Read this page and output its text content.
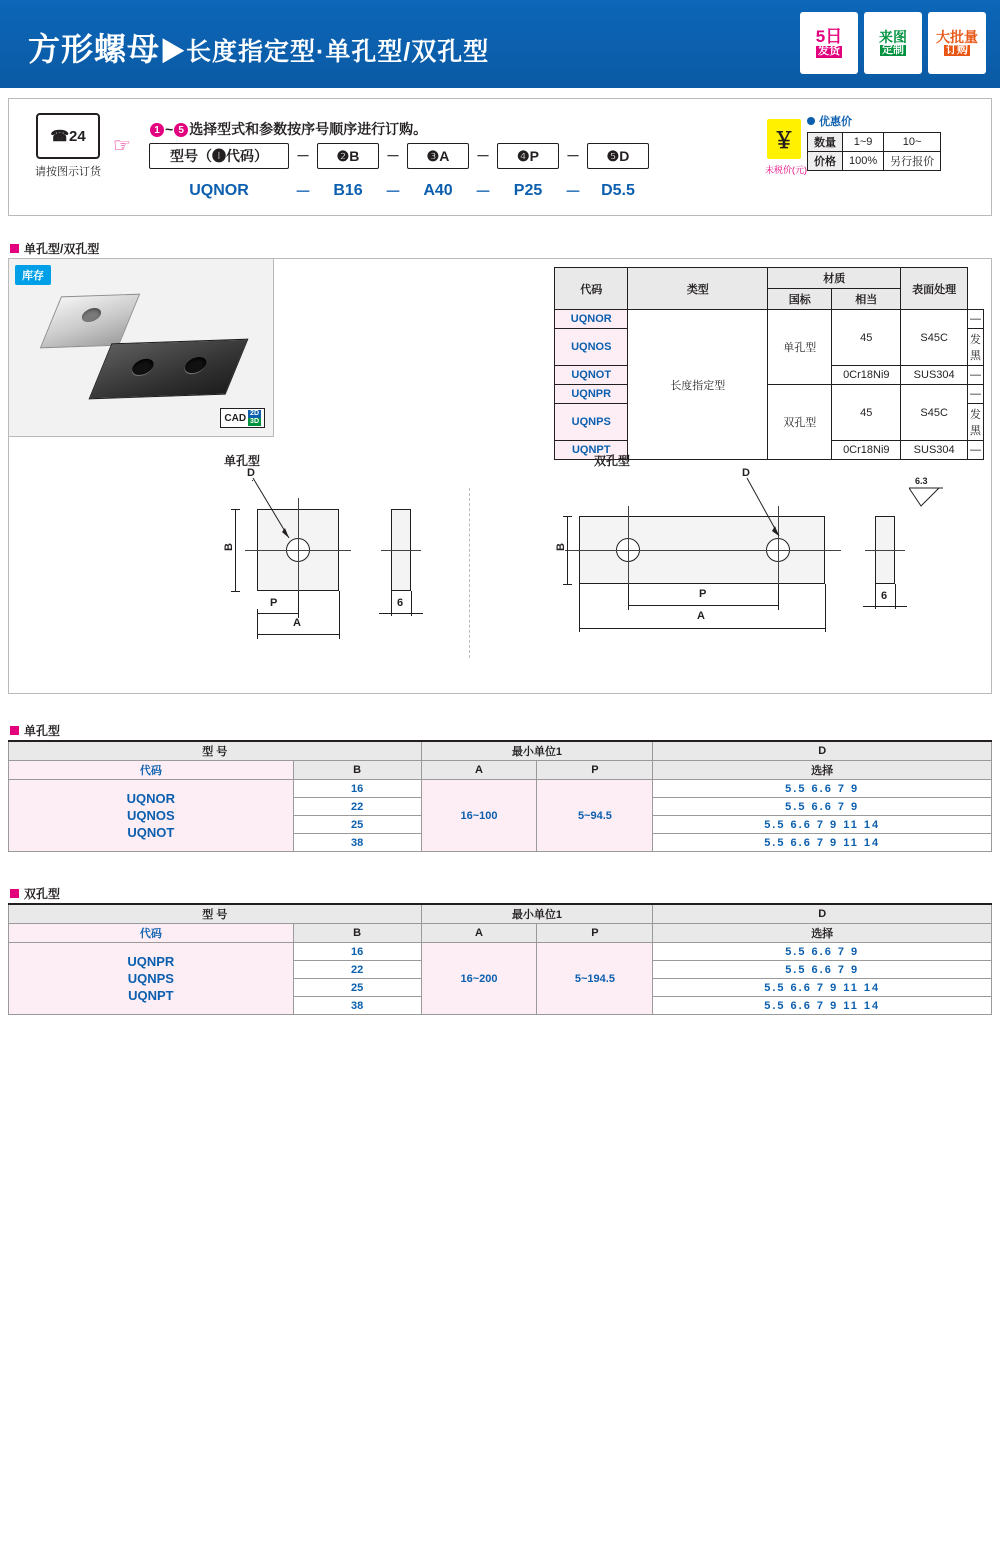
方形螺母▶长度指定型·单孔型/双孔型
5日
发货
来图
定制
大批量
订购
☎24
请按图示订货
☞
1 ~ 5 选择型式和参数按序号顺序进行订购。
型号（❶代码）	－	❷B	－	❸A	－	❹P	－	❺D
UQNOR	－	B16	－	A40	－	P25	－	D5.5
￥
未税价(元)
优惠价
数量	1~9	10~
价格	100%	另行报价
单孔型/双孔型
库存
CAD 2D
3D
代码	类型	材质		表面处理	
		国标	相当		
UQNOR	长度指定型	单孔型	45	S45C	—
UQNOS					发黑
UQNOT			0Cr18Ni9	SUS304	—
UQNPR		双孔型	45	S45C	—
UQNPS					发黑
UQNPT			0Cr18Ni9	SUS304	—
单孔型
D
B
P
A
6
双孔型
D
B
P
A
6
6.3
单孔型
型 号		最小单位1		D
代码	B	A	P	选择

UQNOR
UQNOS
UQNOT	16	16~100	5~94.5	5.5 6.6 7 9
	22			5.5 6.6 7 9
	25			5.5 6.6 7 9 11 14
	38			5.5 6.6 7 9 11 14
双孔型
型 号		最小单位1		D
代码	B	A	P	选择

UQNPR
UQNPS
UQNPT	16	16~200	5~194.5	5.5 6.6 7 9
	22			5.5 6.6 7 9
	25			5.5 6.6 7 9 11 14
	38			5.5 6.6 7 9 11 14
